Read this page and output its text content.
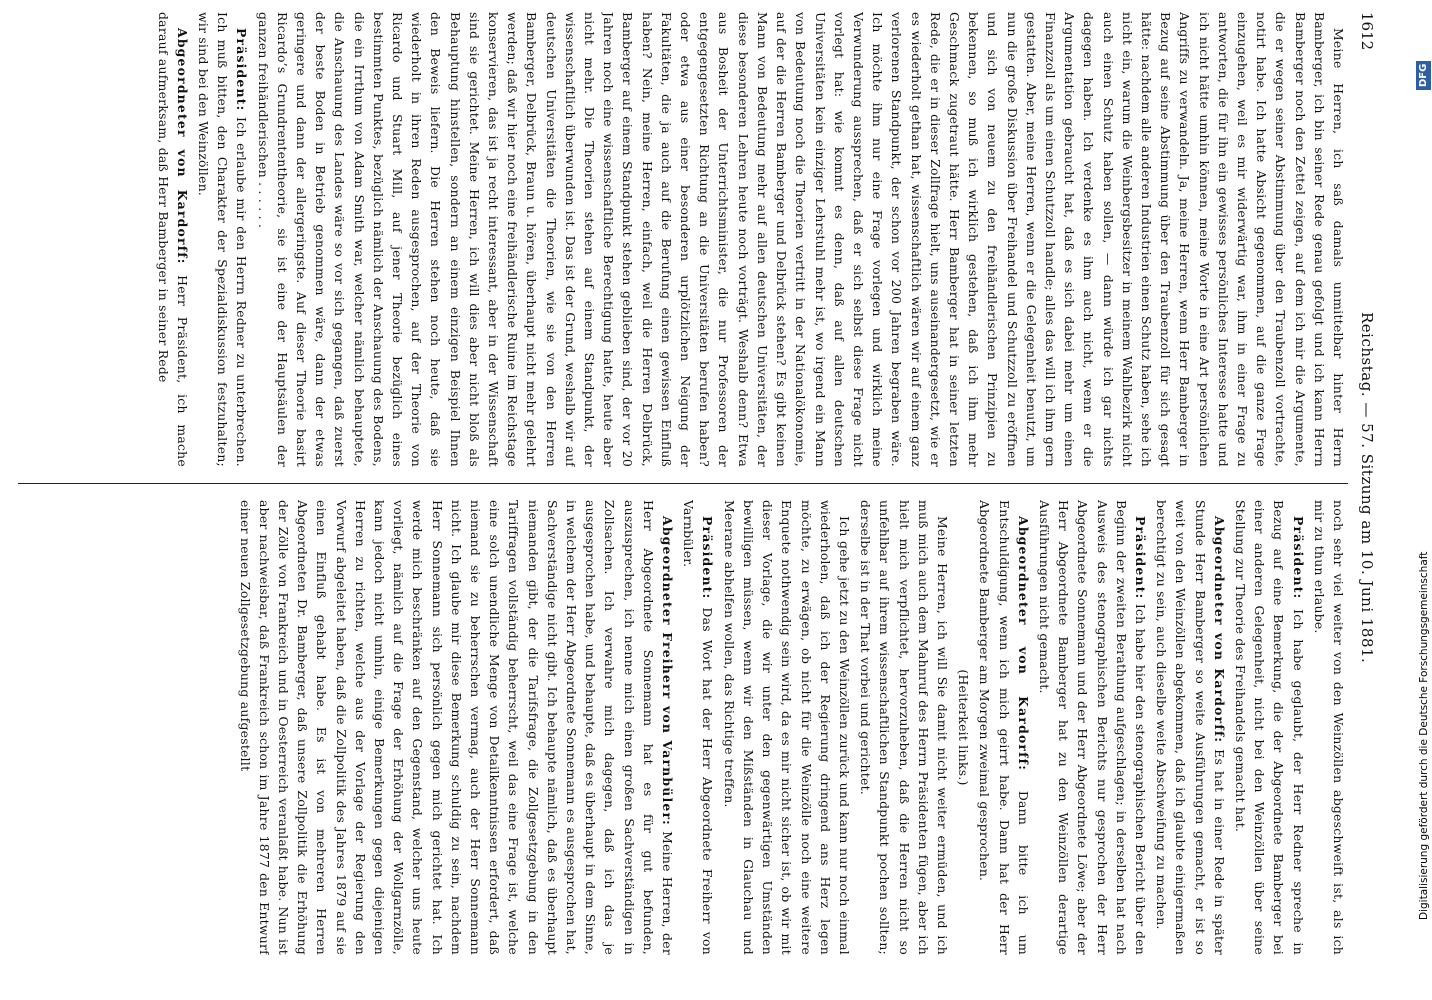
1612
Reichstag. — 57. Sitzung am 10. Juni 1881.

Meine Herren, ich saß damals unmittelbar hinter Herrn Bamberger, ich bin seiner Rede genau gefolgt und ich kann Herrn Bamberger noch den Zettel zeigen, auf dem ich mir die Argumente, die er wegen seiner Abstimmung über den Traubenzoll vortrachte, notirt habe. Ich hatte Absicht gegenommen, auf die ganze Frage einzugehen, weil es mir widerwärtig war, ihm in einer Frage zu antworten, die für ihn ein gewisses persönliches Interesse hatte und ich nicht hätte umhin können, meine Worte in eine Art persönlichen Angriffs zu verwandeln. Ja, meine Herren, wenn Herr Bamberger in Bezug auf seine Abstimmung über den Traubenzoll für sich gesagt hätte: nachdem alle anderen Industrien einen Schutz haben, sehe ich nicht ein, warum die Weinbergsbesitzer in meinem Wahlbezirk nicht auch einen Schutz haben sollen, — dann würde ich gar nichts dagegen haben. Ich verdenke es ihm auch nicht, wenn er die Argumentation gebraucht hat, daß es sich dabei mehr um einen Finanzzoll als um einen Schutzzoll handle; alles das will ich ihm gern gestatten. Aber, meine Herren, wenn er die Gelegenheit benutzt, um nun die große Diskussion über Freihandel und Schutzzoll zu eröffnen und sich von neuem zu den freihändlerischen Prinzipien zu bekennen, so muß ich wirklich gestehen, daß ich ihm mehr Geschmack zugetraut hätte. Herr Bamberger hat in seiner letzten Rede, die er in dieser Zollfrage hielt, uns auseinandergesetzt, wie er es wiederholt gethan hat, wissenschaftlich wären wir auf einem ganz verlorenen Standpunkt, der schon vor 200 Jahren begraben wäre. Ich möchte ihm nur eine Frage vorlegen und wirklich meine Verwunderung aussprechen, daß er sich selbst diese Frage nicht vorlegt hat: wie kommt es denn, daß auf allen deutschen Universitäten kein einziger Lehrstuhl mehr ist, wo irgend ein Mann von Bedeutung noch die Theorien vertritt in der Nationalökonomie, auf der die Herren Bamberger und Delbrück stehen? Es gibt keinen Mann von Bedeutung mehr auf allen deutschen Universitäten, der diese besonderen Lehren heute noch vorträgt. Weshalb denn? Etwa aus Bosheit der Unterrichtsminister, die nur Professoren der entgegengesetzten Richtung an die Universitäten berufen haben? oder etwa aus einer besonderen urplötzlichen Neigung der Fakultäten, die ja auch auf die Berufung einen gewissen Einfluß haben? Nein, meine Herren, einfach, weil die Herren Delbrück, Bamberger auf einem Standpunkt stehen geblieben sind, der vor 20 Jahren noch eine wissenschaftliche Berechtigung hatte, heute aber nicht mehr. Die Theorien stehen auf einem Standpunkt, der wissenschaftlich überwunden ist. Das ist der Grund, weshalb wir auf deutschen Universitäten die Theorien, wie sie von den Herren Bamberger, Delbrück, Braun u. hören, überhaupt nicht mehr gelehrt werden; daß wir hier noch eine freihändlerische Ruine im Reichstage konservieren, das ist ja recht interessant, aber in der Wissenschaft sind sie gerichtet. Meine Herren, ich will dies aber nicht bloß als Behauptung hinstellen, sondern an einem einzigen Beispiel Ihnen den Beweis liefern. Die Herren stehen noch heute, daß sie wiederholt in ihren Reden ausgesprochen, auf der Theorie von Ricardo und Stuart Mill, auf jener Theorie bezüglich eines bestimmten Punktes, bezüglich nämlich der Anschauung des Bodens, die ein Irrthum von Adam Smith war, welcher nämlich behauptete, die Anschauung des Landes wäre so vor sich gegangen, daß zuerst der beste Boden in Betrieb genommen wäre, dann der etwas geringere und dann der allergeringste. Auf dieser Theorie basirt Ricardo’s Grundrententheorie, sie ist eine der Hauptsäulen der ganzen freihändlerischen . . . . . .

Präsident: Ich erlaube mir den Herrn Redner zu unterbrechen. Ich muß bitten, den Charakter der Spezialdiskussion festzuhalten; wir sind bei den Weinzöllen.

Abgeordneter von Kardorff: Herr Präsident, ich mache darauf aufmerksam, daß Herr Bamberger in seiner Rede

noch sehr viel weiter von den Weinzöllen abgeschweift ist, als ich mir zu thun erlaube.

Präsident: Ich habe geglaubt, der Herr Redner spreche in Bezug auf eine Bemerkung, die der Abgeordnete Bamberger bei einer anderen Gelegenheit, nicht bei den Weinzöllen über seine Stellung zur Theorie des Freihandels gemacht hat.

Abgeordneter von Kardorff: Es hat in einer Rede in später Stunde Herr Bamberger so weite Ausführungen gemacht, er ist so weit von den Weinzöllen abgekommen, daß ich glaubte einigermaßen berechtigt zu sein, auch dieselbe weite Abschweifung zu machen.

Präsident: Ich habe hier den stenographischen Bericht über den Beginn der zweiten Berathung aufgeschlagen; in derselben hat nach Ausweis des stenographischen Berichts nur gesprochen der Herr Abgeordnete Sonnemann und der Herr Abgeordnete Löwe; aber der Herr Abgeordnete Bamberger hat zu den Weinzöllen derartige Ausführungen nicht gemacht.

Abgeordneter von Kardorff: Dann bitte ich um Entschuldigung, wenn ich mich geirrt habe. Dann hat der Herr Abgeordnete Bamberger am Morgen zweimal gesprochen.

(Heiterkeit links.)

Meine Herren, ich will Sie damit nicht weiter ermüden, und ich muß mich auch dem Mahnruf des Herrn Präsidenten fügen, aber ich hielt mich verpflichtet, hervorzuheben, daß die Herren nicht so unfehlbar auf ihrem wissenschaftlichen Standpunkt pochen sollten; derselbe ist in der That vorbei und gerichtet.

Ich gehe jetzt zu den Weinzöllen zurück und kann nur noch einmal wiederholen, daß ich der Regierung dringend ans Herz legen möchte, zu erwägen, ob nicht für die Weinzölle noch eine weitere Enquete nothwendig sein wird, da es mir nicht sicher ist, ob wir mit dieser Vorlage, die wir unter den gegenwärtigen Umständen bewilligen müssen, wenn wir den Mißständen in Glauchau und Meerane abhelfen wollen, das Richtige treffen.

Präsident: Das Wort hat der Herr Abgeordnete Freiherr von Varnbüler.

Abgeordneter Freiherr von Varnbüler: Meine Herren, der Herr Abgeordnete Sonnemann hat es für gut befunden, auszusprechen, ich nenne mich einen großen Sachverständigen in Zollsachen. Ich verwahre mich dagegen, daß ich das je ausgesprochen habe, und behaupte, daß es überhaupt in dem Sinne, in welchem der Herr Abgeordnete Sonnemann es ausgesprochen hat, Sachverständige nicht gibt. Ich behaupte nämlich, daß es überhaupt niemanden gibt, der die Tarifsfrage, die Zollgesetzgebung in den Tariffragen vollständig beherrscht, weil das eine Frage ist, welche eine solch unendliche Menge von Detailkenntnissen erfordert, daß niemand sie zu beherrschen vermag, auch der Herr Sonnemann nicht. Ich glaube mir diese Bemerkung schuldig zu sein, nachdem Herr Sonnemann sich persönlich gegen mich gerichtet hat. Ich werde mich beschränken auf den Gegenstand, welcher uns heute vorliegt, nämlich auf die Frage der Erhöhung der Wollgarnzölle, kann jedoch nicht umhin, einige Bemerkungen gegen diejenigen Herren zu richten, welche aus der Vorlage der Regierung den Vorwurf abgeleitet haben, daß die Zollpolitik des Jahres 1879 auf sie einen Einfluß gehabt habe. Es ist von mehreren Herren Abgeordneten Dr. Bamberger, daß unsere Zollpolitik die Erhöhung der Zölle von Frankreich und in Oesterreich veranlaßt habe. Nun ist aber nachweisbar, daß Frankreich schon im Jahre 1877 den Entwurf einer neuen Zollgesetzgebung aufgestellt	Digitalisierung gefördert durch die Deutsche Forschungsgemeinschaft
DFG
